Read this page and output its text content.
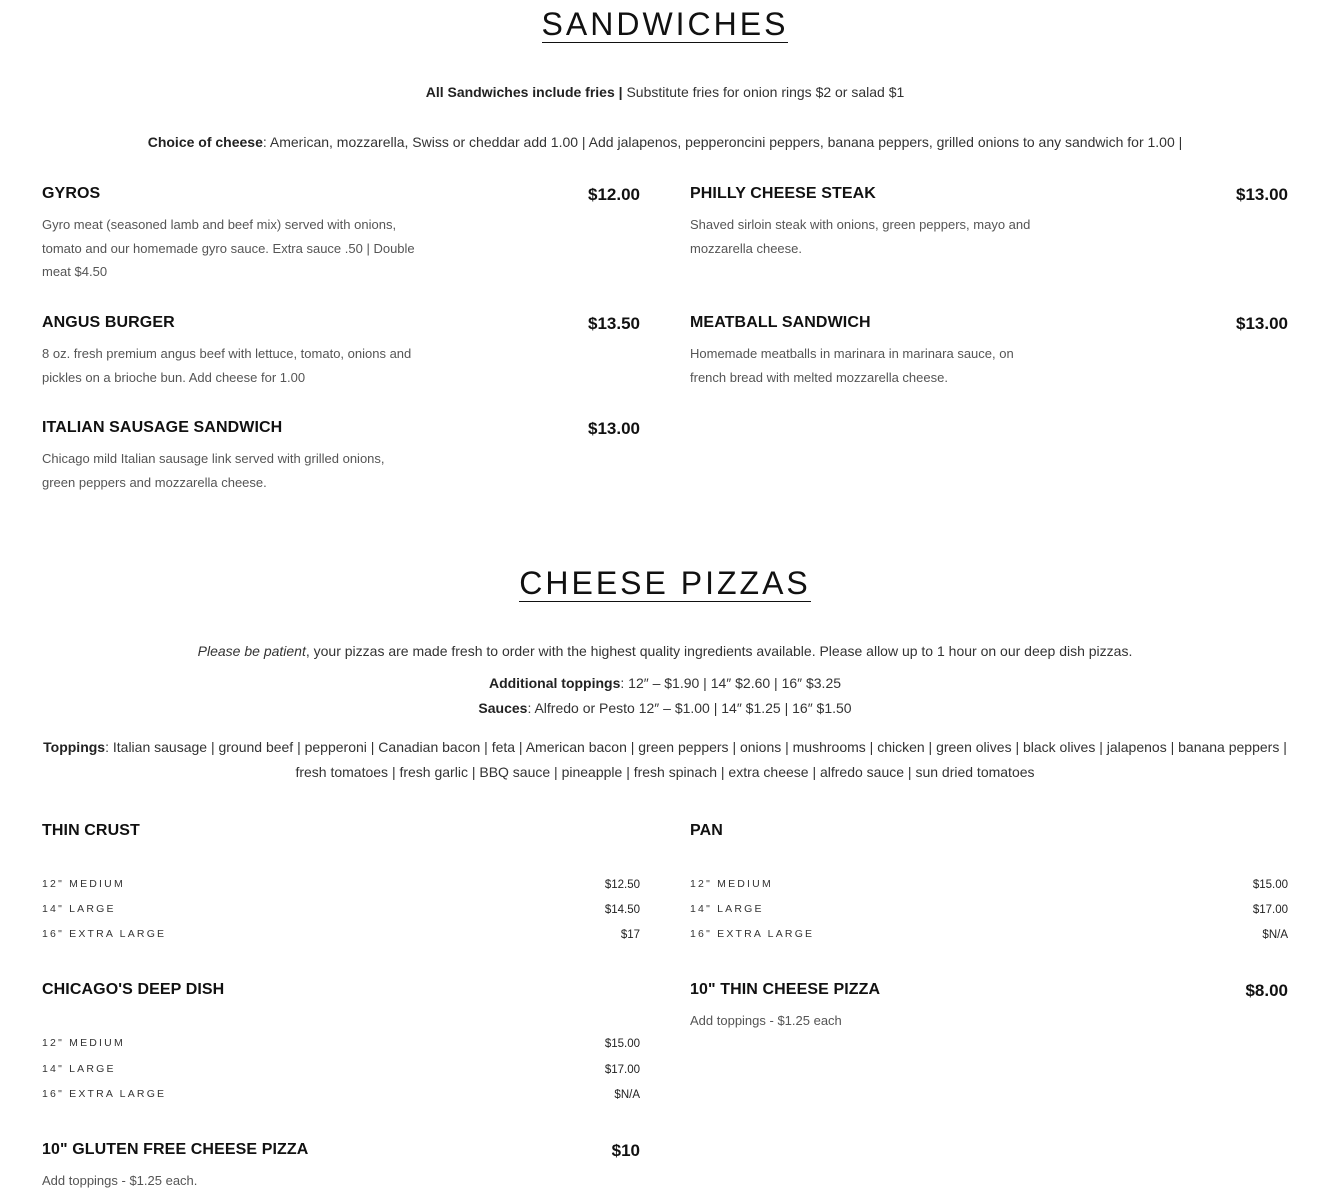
SANDWICHES
All Sandwiches include fries | Substitute fries for onion rings $2 or salad $1
Choice of cheese: American, mozzarella, Swiss or cheddar add 1.00 | Add jalapenos, pepperoncini peppers, banana peppers, grilled onions to any sandwich for 1.00 |
GYROS	$12.00
Gyro meat (seasoned lamb and beef mix) served with onions, tomato and our homemade gyro sauce. Extra sauce .50 | Double meat $4.50
PHILLY CHEESE STEAK	$13.00
Shaved sirloin steak with onions, green peppers, mayo and mozzarella cheese.
ANGUS BURGER	$13.50
8 oz. fresh premium angus beef with lettuce, tomato, onions and pickles on a brioche bun. Add cheese for 1.00
MEATBALL SANDWICH	$13.00
Homemade meatballs in marinara in marinara sauce, on french bread with melted mozzarella cheese.
ITALIAN SAUSAGE SANDWICH	$13.00
Chicago mild Italian sausage link served with grilled onions, green peppers and mozzarella cheese.
CHEESE PIZZAS
Please be patient, your pizzas are made fresh to order with the highest quality ingredients available. Please allow up to 1 hour on our deep dish pizzas.
Additional toppings: 12″ – $1.90 | 14″ $2.60 | 16″ $3.25
Sauces: Alfredo or Pesto 12″ – $1.00 | 14″ $1.25 | 16″ $1.50
Toppings: Italian sausage | ground beef | pepperoni | Canadian bacon | feta | American bacon | green peppers | onions | mushrooms | chicken | green olives | black olives | jalapenos | banana peppers | fresh tomatoes | fresh garlic | BBQ sauce | pineapple | fresh spinach | extra cheese | alfredo sauce | sun dried tomatoes
THIN CRUST
12" MEDIUM	$12.50
14" LARGE	$14.50
16" EXTRA LARGE	$17
PAN
12" MEDIUM	$15.00
14" LARGE	$17.00
16" EXTRA LARGE	$N/A
CHICAGO'S DEEP DISH
12" MEDIUM	$15.00
14" LARGE	$17.00
16" EXTRA LARGE	$N/A
10" THIN CHEESE PIZZA	$8.00
Add toppings - $1.25 each
10" GLUTEN FREE CHEESE PIZZA	$10
Add toppings - $1.25 each.
